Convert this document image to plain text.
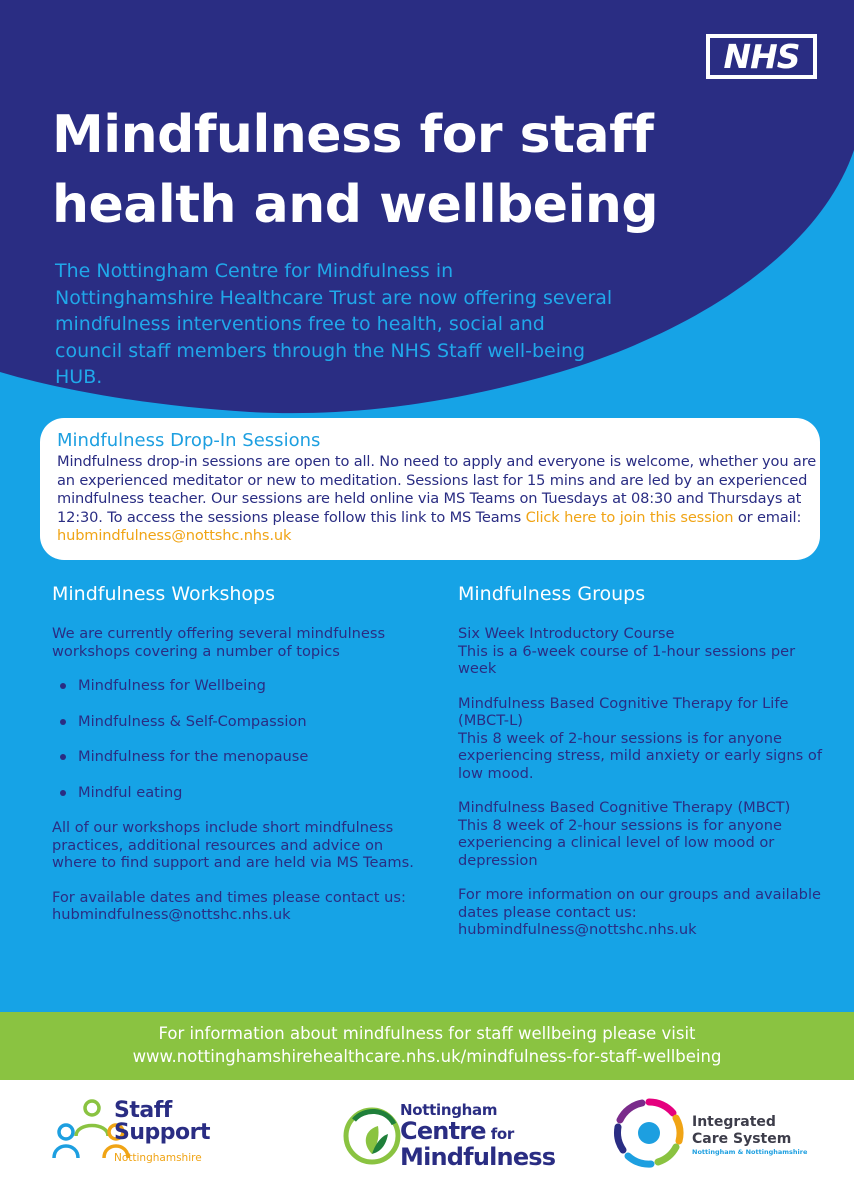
NHS
Mindfulness for staff health and wellbeing

The Nottingham Centre for Mindfulness in Nottinghamshire Healthcare Trust are now offering several mindfulness interventions free to health, social and council staff members through the NHS Staff well-being HUB.

Mindfulness Drop-In Sessions
Mindfulness drop-in sessions are open to all. No need to apply and everyone is welcome, whether you are an experienced meditator or new to meditation. Sessions last for 15 mins and are led by an experienced mindfulness teacher. Our sessions are held online via MS Teams on Tuesdays at 08:30 and Thursdays at 12:30. To access the sessions please follow this link to MS Teams Click here to join this session or email: hubmindfulness@nottshc.nhs.uk
Mindfulness Workshops

We are currently offering several mindfulness workshops covering a number of topics

Mindfulness for Wellbeing
Mindfulness & Self-Compassion
Mindfulness for the menopause
Mindful eating

All of our workshops include short mindfulness practices, additional resources and advice on where to find support and are held via MS Teams.

For available dates and times please contact us:
hubmindfulness@nottshc.nhs.uk
Mindfulness Groups

Six Week Introductory Course
This is a 6-week course of 1-hour sessions per week

Mindfulness Based Cognitive Therapy for Life (MBCT-L)
This 8 week of 2-hour sessions is for anyone experiencing stress, mild anxiety or early signs of low mood.

Mindfulness Based Cognitive Therapy (MBCT)
This 8 week of 2-hour sessions is for anyone experiencing a clinical level of low mood or depression

For more information on our groups and available dates please contact us:
hubmindfulness@nottshc.nhs.uk
For information about mindfulness for staff wellbeing please visit
www.nottinghamshirehealthcare.nhs.uk/mindfulness-for-staff-wellbeing
Staff
Support
Nottinghamshire
Nottingham
Centre for
Mindfulness
Integrated
Care System
Nottingham & Nottinghamshire
